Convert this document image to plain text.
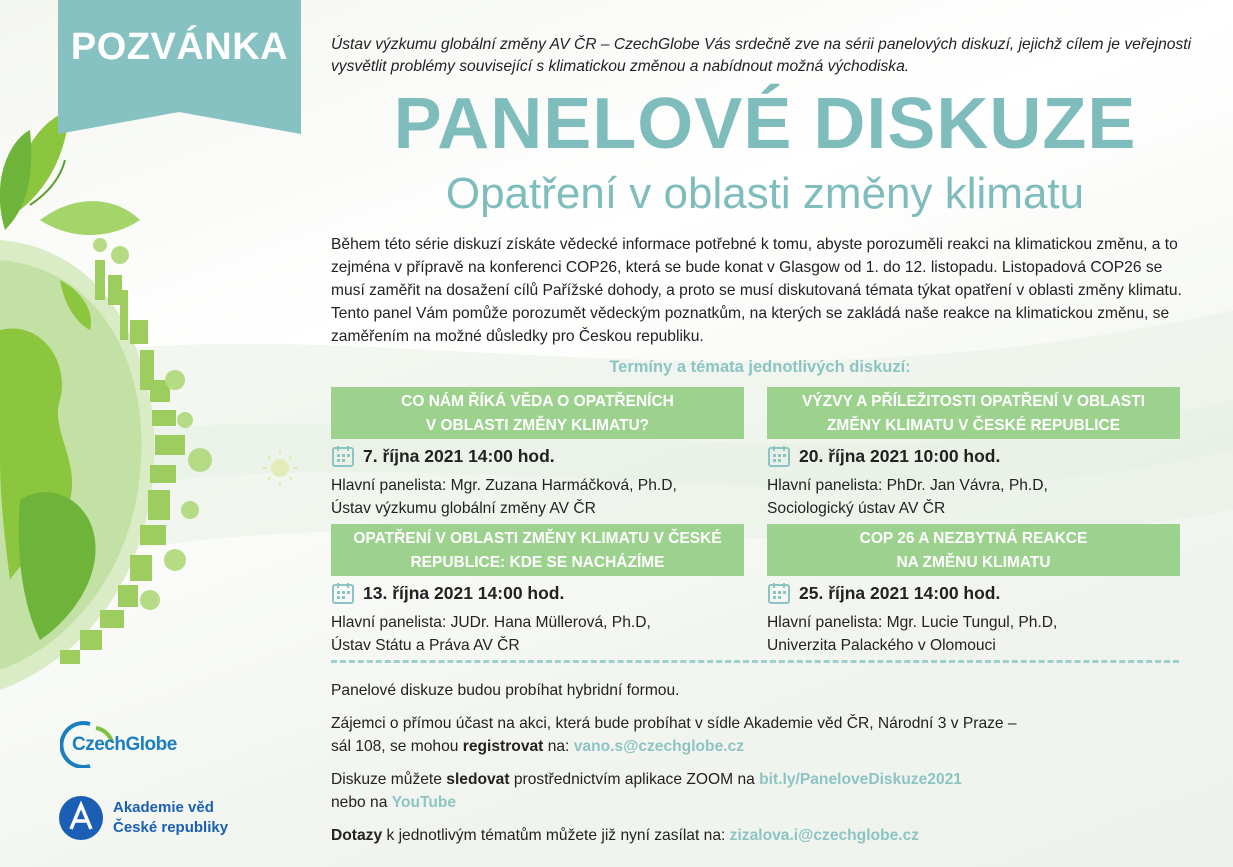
POZVÁNKA	Ústav výzkumu globální změny AV ČR – CzechGlobe Vás srdečně zve na sérii panelových diskuzí, jejichž cílem je veřejnosti vysvětlit problémy související s klimatickou změnou a nabídnout možná východiska.
PANELOVÉ DISKUZE
Opatření v oblasti změny klimatu
Během této série diskuzí získáte vědecké informace potřebné k tomu, abyste porozuměli reakci na klimatickou změnu, a to zejména v přípravě na konferenci COP26, která se bude konat v Glasgow od 1. do 12. listopadu. Listopadová COP26 se musí zaměřit na dosažení cílů Pařížské dohody, a proto se musí diskutovaná témata týkat opatření v oblasti změny klimatu. Tento panel Vám pomůže porozumět vědeckým poznatkům, na kterých se zakládá naše reakce na klimatickou změnu, se zaměřením na možné důsledky pro Českou republiku.
Termíny a témata jednotlivých diskuzí:
CO NÁM ŘÍKÁ VĚDA O OPATŘENÍCH
V OBLASTI ZMĚNY KLIMATU?
7. října 2021 14:00 hod.
Hlavní panelista: Mgr. Zuzana Harmáčková, Ph.D,
Ústav výzkumu globální změny AV ČR
VÝZVY A PŘÍLEŽITOSTI OPATŘENÍ V OBLASTI
ZMĚNY KLIMATU V ČESKÉ REPUBLICE
20. října 2021 10:00 hod.
Hlavní panelista: PhDr. Jan Vávra, Ph.D,
Sociologický ústav AV ČR
OPATŘENÍ V OBLASTI ZMĚNY KLIMATU V ČESKÉ
REPUBLICE: KDE SE NACHÁZÍME
13. října 2021 14:00 hod.
Hlavní panelista: JUDr. Hana Müllerová, Ph.D,
Ústav Státu a Práva AV ČR
COP 26 A NEZBYTNÁ REAKCE
NA ZMĚNU KLIMATU
25. října 2021 14:00 hod.
Hlavní panelista: Mgr. Lucie Tungul, Ph.D,
Univerzita Palackého v Olomouci

Panelové diskuze budou probíhat hybridní formou.

Zájemci o přímou účast na akci, která bude probíhat v sídle Akademie věd ČR, Národní 3 v Praze –
sál 108, se mohou registrovat na: vano.s@czechglobe.cz

Diskuze můžete sledovat prostřednictvím aplikace ZOOM na bit.ly/PaneloveDiskuze2021
nebo na YouTube

Dotazy k jednotlivým tématům můžete již nyní zasílat na: zizalova.i@czechglobe.cz

CzechGlobe
Akademie věd
České republiky
